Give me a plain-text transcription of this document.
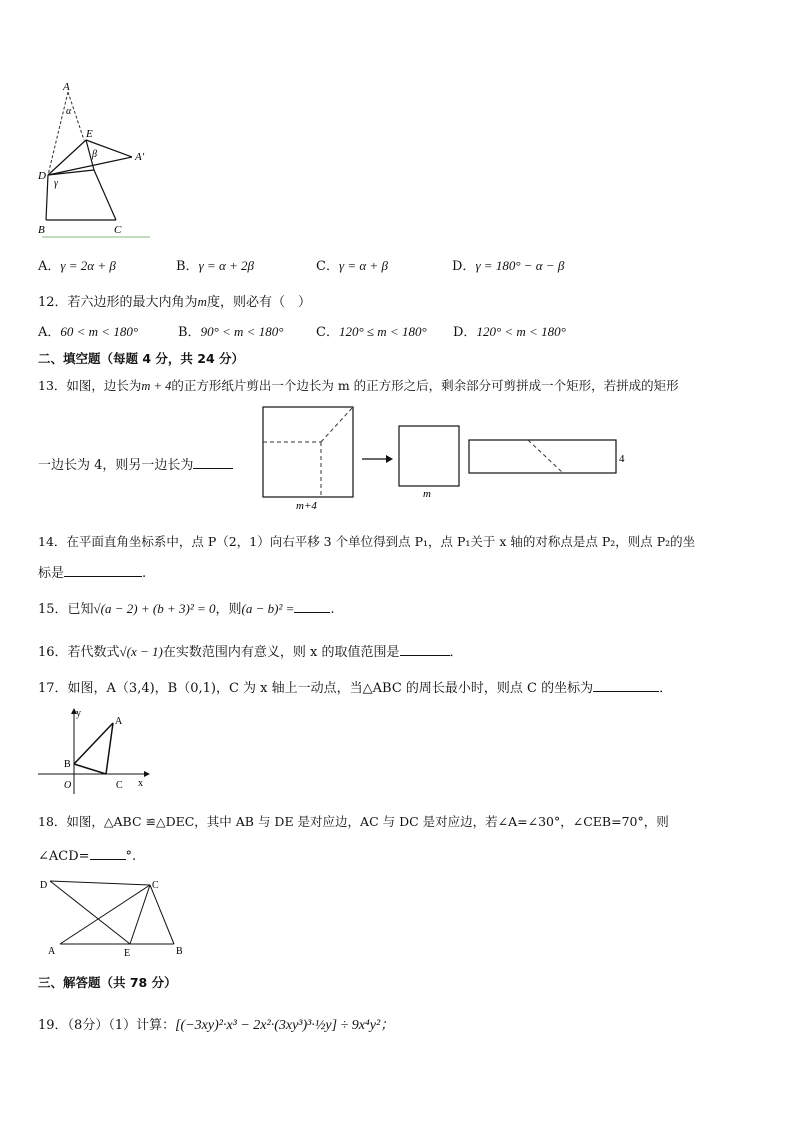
A
α
E
β	A′
D
γ
B	C
A．γ = 2α + β	B．γ = α + 2β	C．γ = α + β	D．γ = 180° − α − β
12．若六边形的最大内角为m度，则必有（　）
A．60 < m < 180°	B．90° < m < 180°	C．120° ≤ m < 180° D．120° < m < 180°
二、填空题（每题 4 分，共 24 分）
13．如图，边长为m + 4的正方形纸片剪出一个边长为 m 的正方形之后，剩余部分可剪拼成一个矩形，若拼成的矩形
一边长为 4，则另一边长为
m+4
m
4
14．在平面直角坐标系中，点 P（2，1）向右平移 3 个单位得到点 P₁，点 P₁关于 x 轴的对称点是点 P₂，则点 P₂的坐
标是	.
15．已知√(a − 2) + (b + 3)² = 0，则(a − b)² =	.
16．若代数式√(x − 1)在实数范围内有意义，则 x 的取值范围是	．
17．如图，A（3,4)，B（0,1)，C 为 x 轴上一动点，当△ABC 的周长最小时，则点 C 的坐标为	．
y
A
B
O	C x
18．如图，△ABC ≌△DEC，其中 AB 与 DE 是对应边，AC 与 DC 是对应边，若∠A=∠30°，∠CEB=70°，则
∠ACD=	°.
D	C
A	E	B
三、解答题（共 78 分）
19．（8分）（1）计算：[(−3xy)²·x³ − 2x²·(3xy³)³·½y] ÷ 9x⁴y²；
